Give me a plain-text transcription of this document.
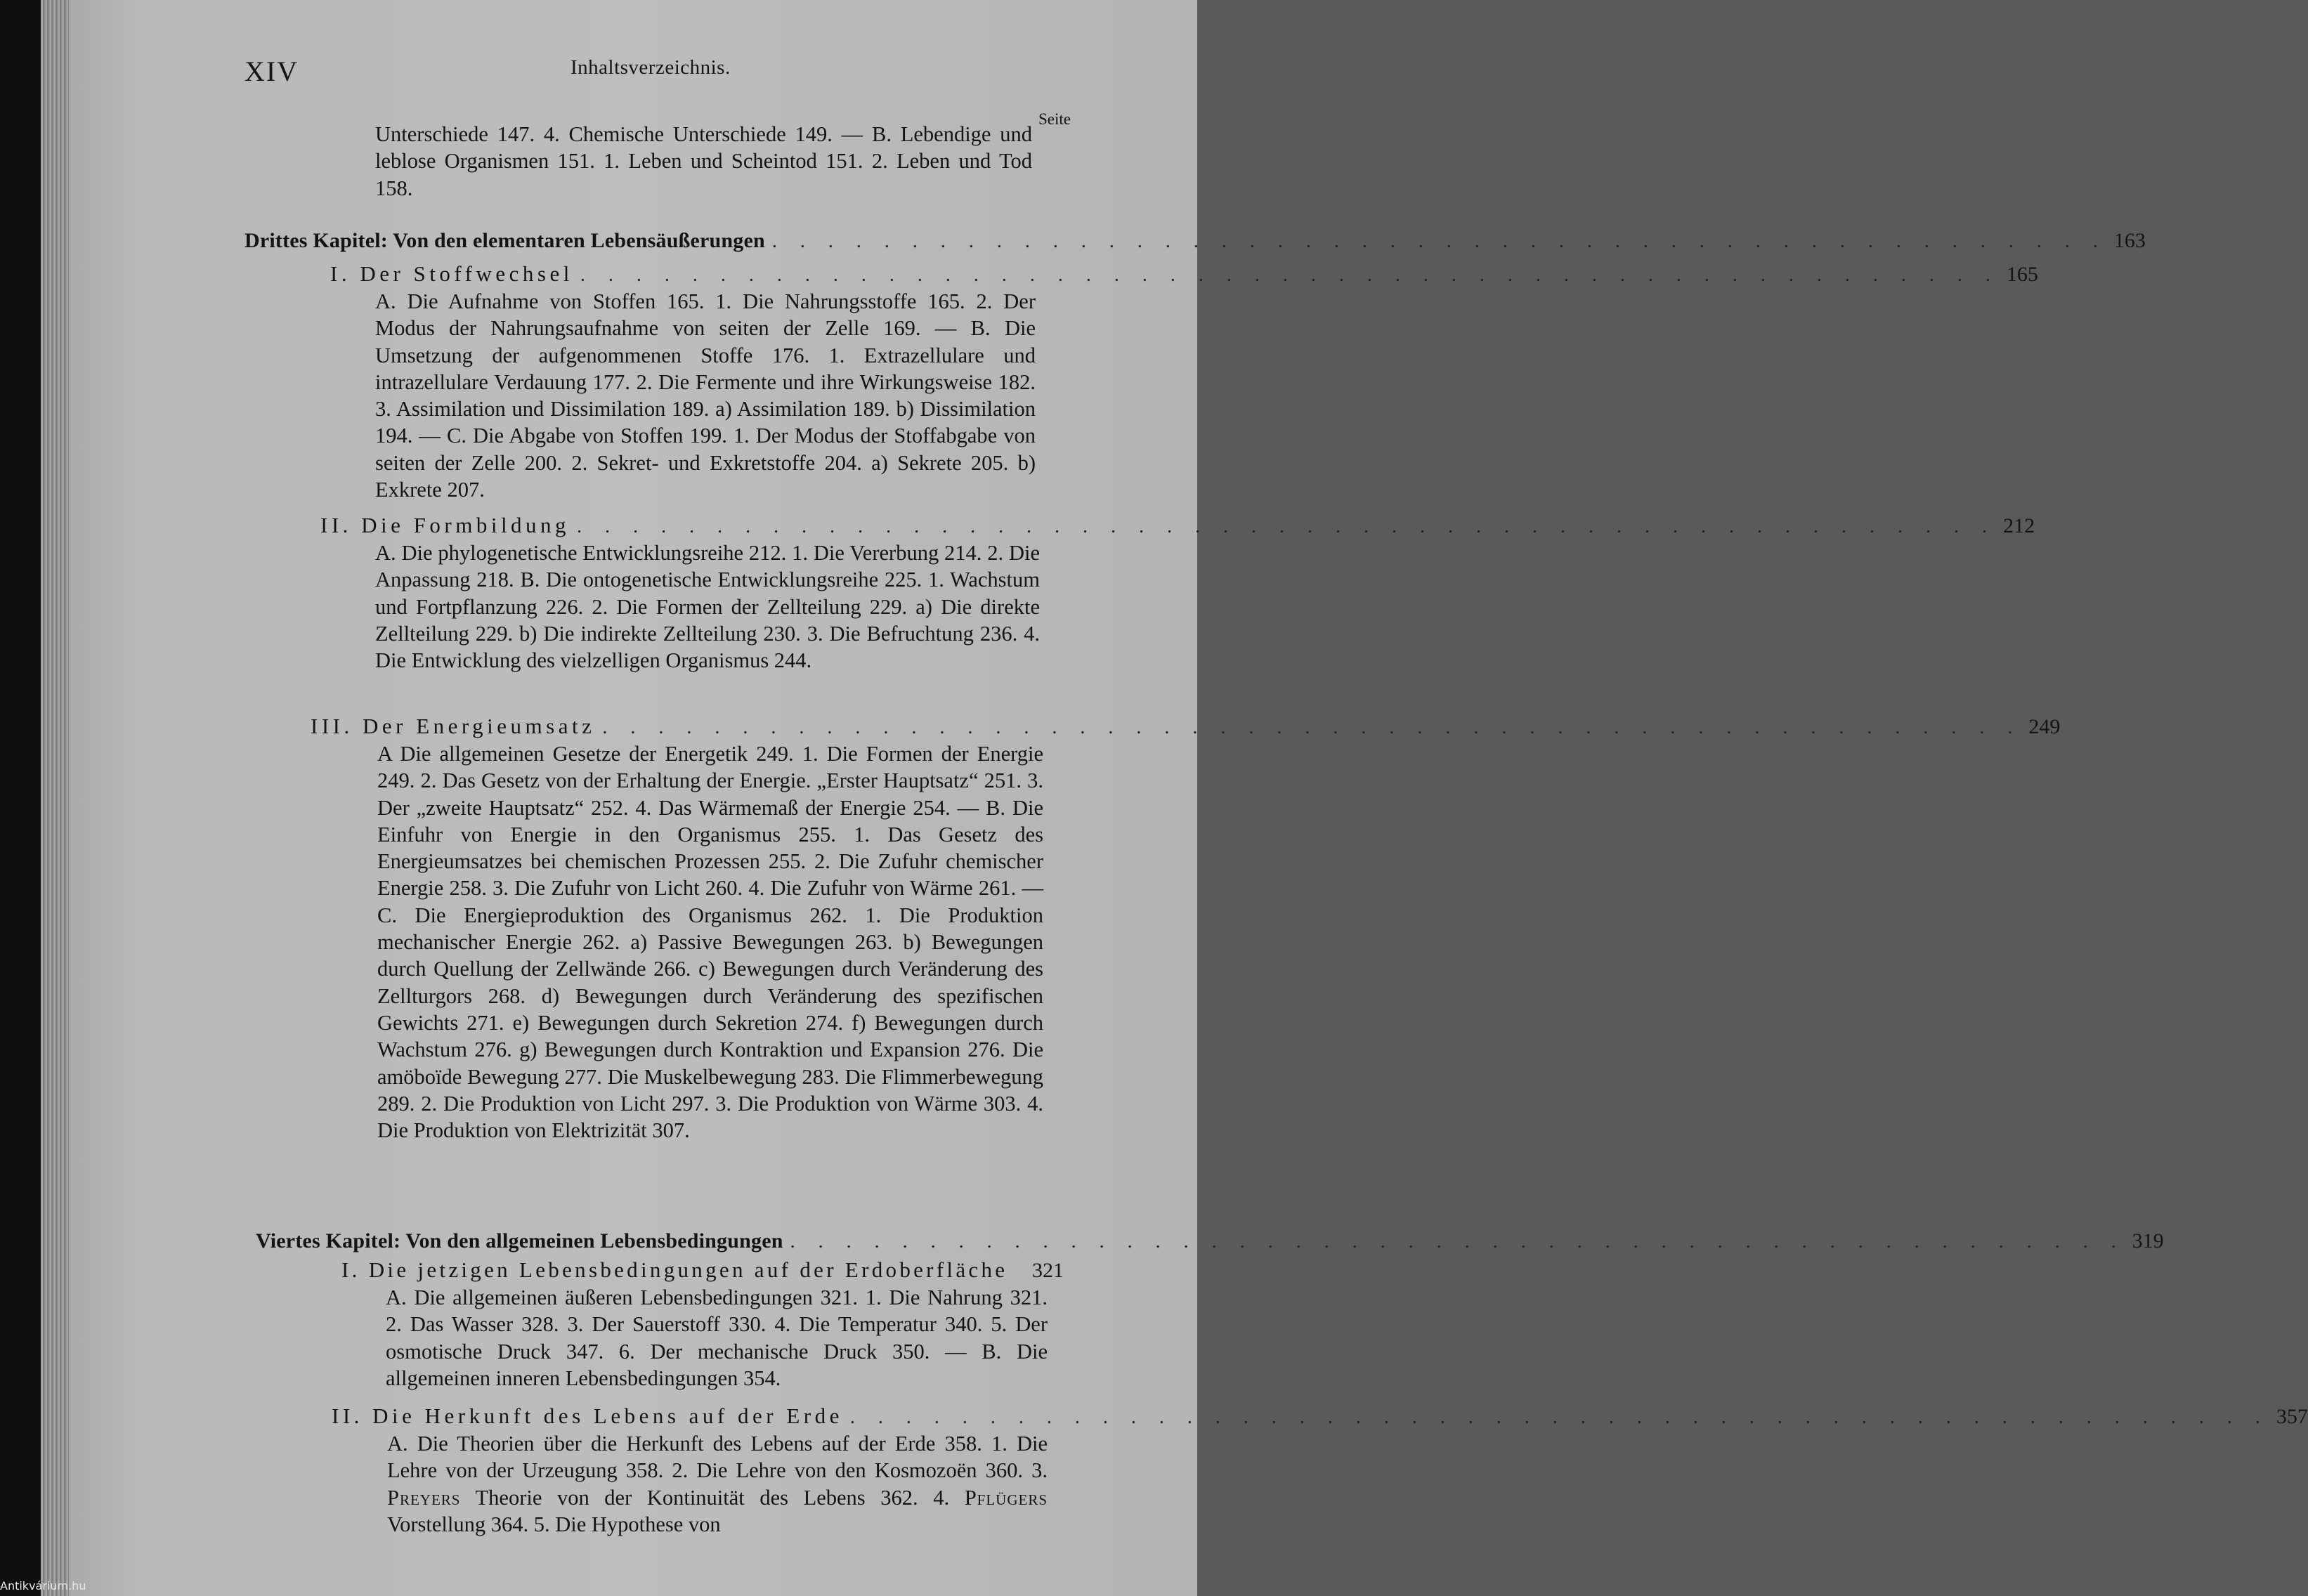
XIV	Inhaltsverzeichnis.
Seite
Unterschiede 147. 4. Chemische Unterschiede 149. — B. Lebendige und leblose Organismen 151. 1. Leben und Scheintod 151. 2. Leben und Tod 158.
Drittes Kapitel: Von den elementaren Lebensäußerungen . . . . . . . . . . . . . . . . . . . . . . . . . . . . . . . . . . . . . . . . . . . . . . . . 163
I. Der Stoffwechsel . . . . . . . . . . . . . . . . . . . . . . . . . . . . . . . . . . . . . . . . . . . . . . . . . . . 165
A. Die Aufnahme von Stoffen 165. 1. Die Nahrungsstoffe 165. 2. Der Modus der Nahrungsaufnahme von seiten der Zelle 169. — B. Die Umsetzung der aufgenommenen Stoffe 176. 1. Extrazellulare und intrazellulare Verdauung 177. 2. Die Fermente und ihre Wirkungsweise 182. 3. Assimilation und Dissimilation 189. a) Assimilation 189. b) Dissimilation 194. — C. Die Abgabe von Stoffen 199. 1. Der Modus der Stoffabgabe von seiten der Zelle 200. 2. Sekret- und Exkretstoffe 204. a) Sekrete 205. b) Exkrete 207.
II. Die Formbildung . . . . . . . . . . . . . . . . . . . . . . . . . . . . . . . . . . . . . . . . . . . . . . . . . . . 212
A. Die phylogenetische Entwicklungsreihe 212. 1. Die Vererbung 214. 2. Die Anpassung 218. B. Die ontogenetische Entwicklungsreihe 225. 1. Wachstum und Fortpflanzung 226. 2. Die Formen der Zellteilung 229. a) Die direkte Zellteilung 229. b) Die indirekte Zellteilung 230. 3. Die Befruchtung 236. 4. Die Entwicklung des vielzelligen Organismus 244.
III. Der Energieumsatz . . . . . . . . . . . . . . . . . . . . . . . . . . . . . . . . . . . . . . . . . . . . . . . . . . . 249
A Die allgemeinen Gesetze der Energetik 249. 1. Die Formen der Energie 249. 2. Das Gesetz von der Erhaltung der Energie. „Erster Hauptsatz“ 251. 3. Der „zweite Hauptsatz“ 252. 4. Das Wärmemaß der Energie 254. — B. Die Einfuhr von Energie in den Organismus 255. 1. Das Gesetz des Energieumsatzes bei chemischen Prozessen 255. 2. Die Zufuhr chemischer Energie 258. 3. Die Zufuhr von Licht 260. 4. Die Zufuhr von Wärme 261. — C. Die Energieproduktion des Organismus 262. 1. Die Produktion mechanischer Energie 262. a) Passive Bewegungen 263. b) Bewegungen durch Quellung der Zellwände 266. c) Bewegungen durch Veränderung des Zellturgors 268. d) Bewegungen durch Veränderung des spezifischen Gewichts 271. e) Bewegungen durch Sekretion 274. f) Bewegungen durch Wachstum 276. g) Bewegungen durch Kontraktion und Expansion 276. Die amöboïde Bewegung 277. Die Muskelbewegung 283. Die Flimmerbewegung 289. 2. Die Produktion von Licht 297. 3. Die Produktion von Wärme 303. 4. Die Produktion von Elektrizität 307.
Viertes Kapitel: Von den allgemeinen Lebensbedingungen . . . . . . . . . . . . . . . . . . . . . . . . . . . . . . . . . . . . . . . . . . . . . . . . 319
I. Die jetzigen Lebensbedingungen auf der Erdoberfläche 321
A. Die allgemeinen äußeren Lebensbedingungen 321. 1. Die Nahrung 321. 2. Das Wasser 328. 3. Der Sauerstoff 330. 4. Die Temperatur 340. 5. Der osmotische Druck 347. 6. Der mechanische Druck 350. — B. Die allgemeinen inneren Lebensbedingungen 354.
II. Die Herkunft des Lebens auf der Erde . . . . . . . . . . . . . . . . . . . . . . . . . . . . . . . . . . . . . . . . . . . . . . . . . . . 357
A. Die Theorien über die Herkunft des Lebens auf der Erde 358. 1. Die Lehre von der Urzeugung 358. 2. Die Lehre von den Kosmozoën 360. 3. Preyers Theorie von der Kontinuität des Lebens 362. 4. Pflügers Vorstellung 364. 5. Die Hypothese von
Antikvárium.hu
